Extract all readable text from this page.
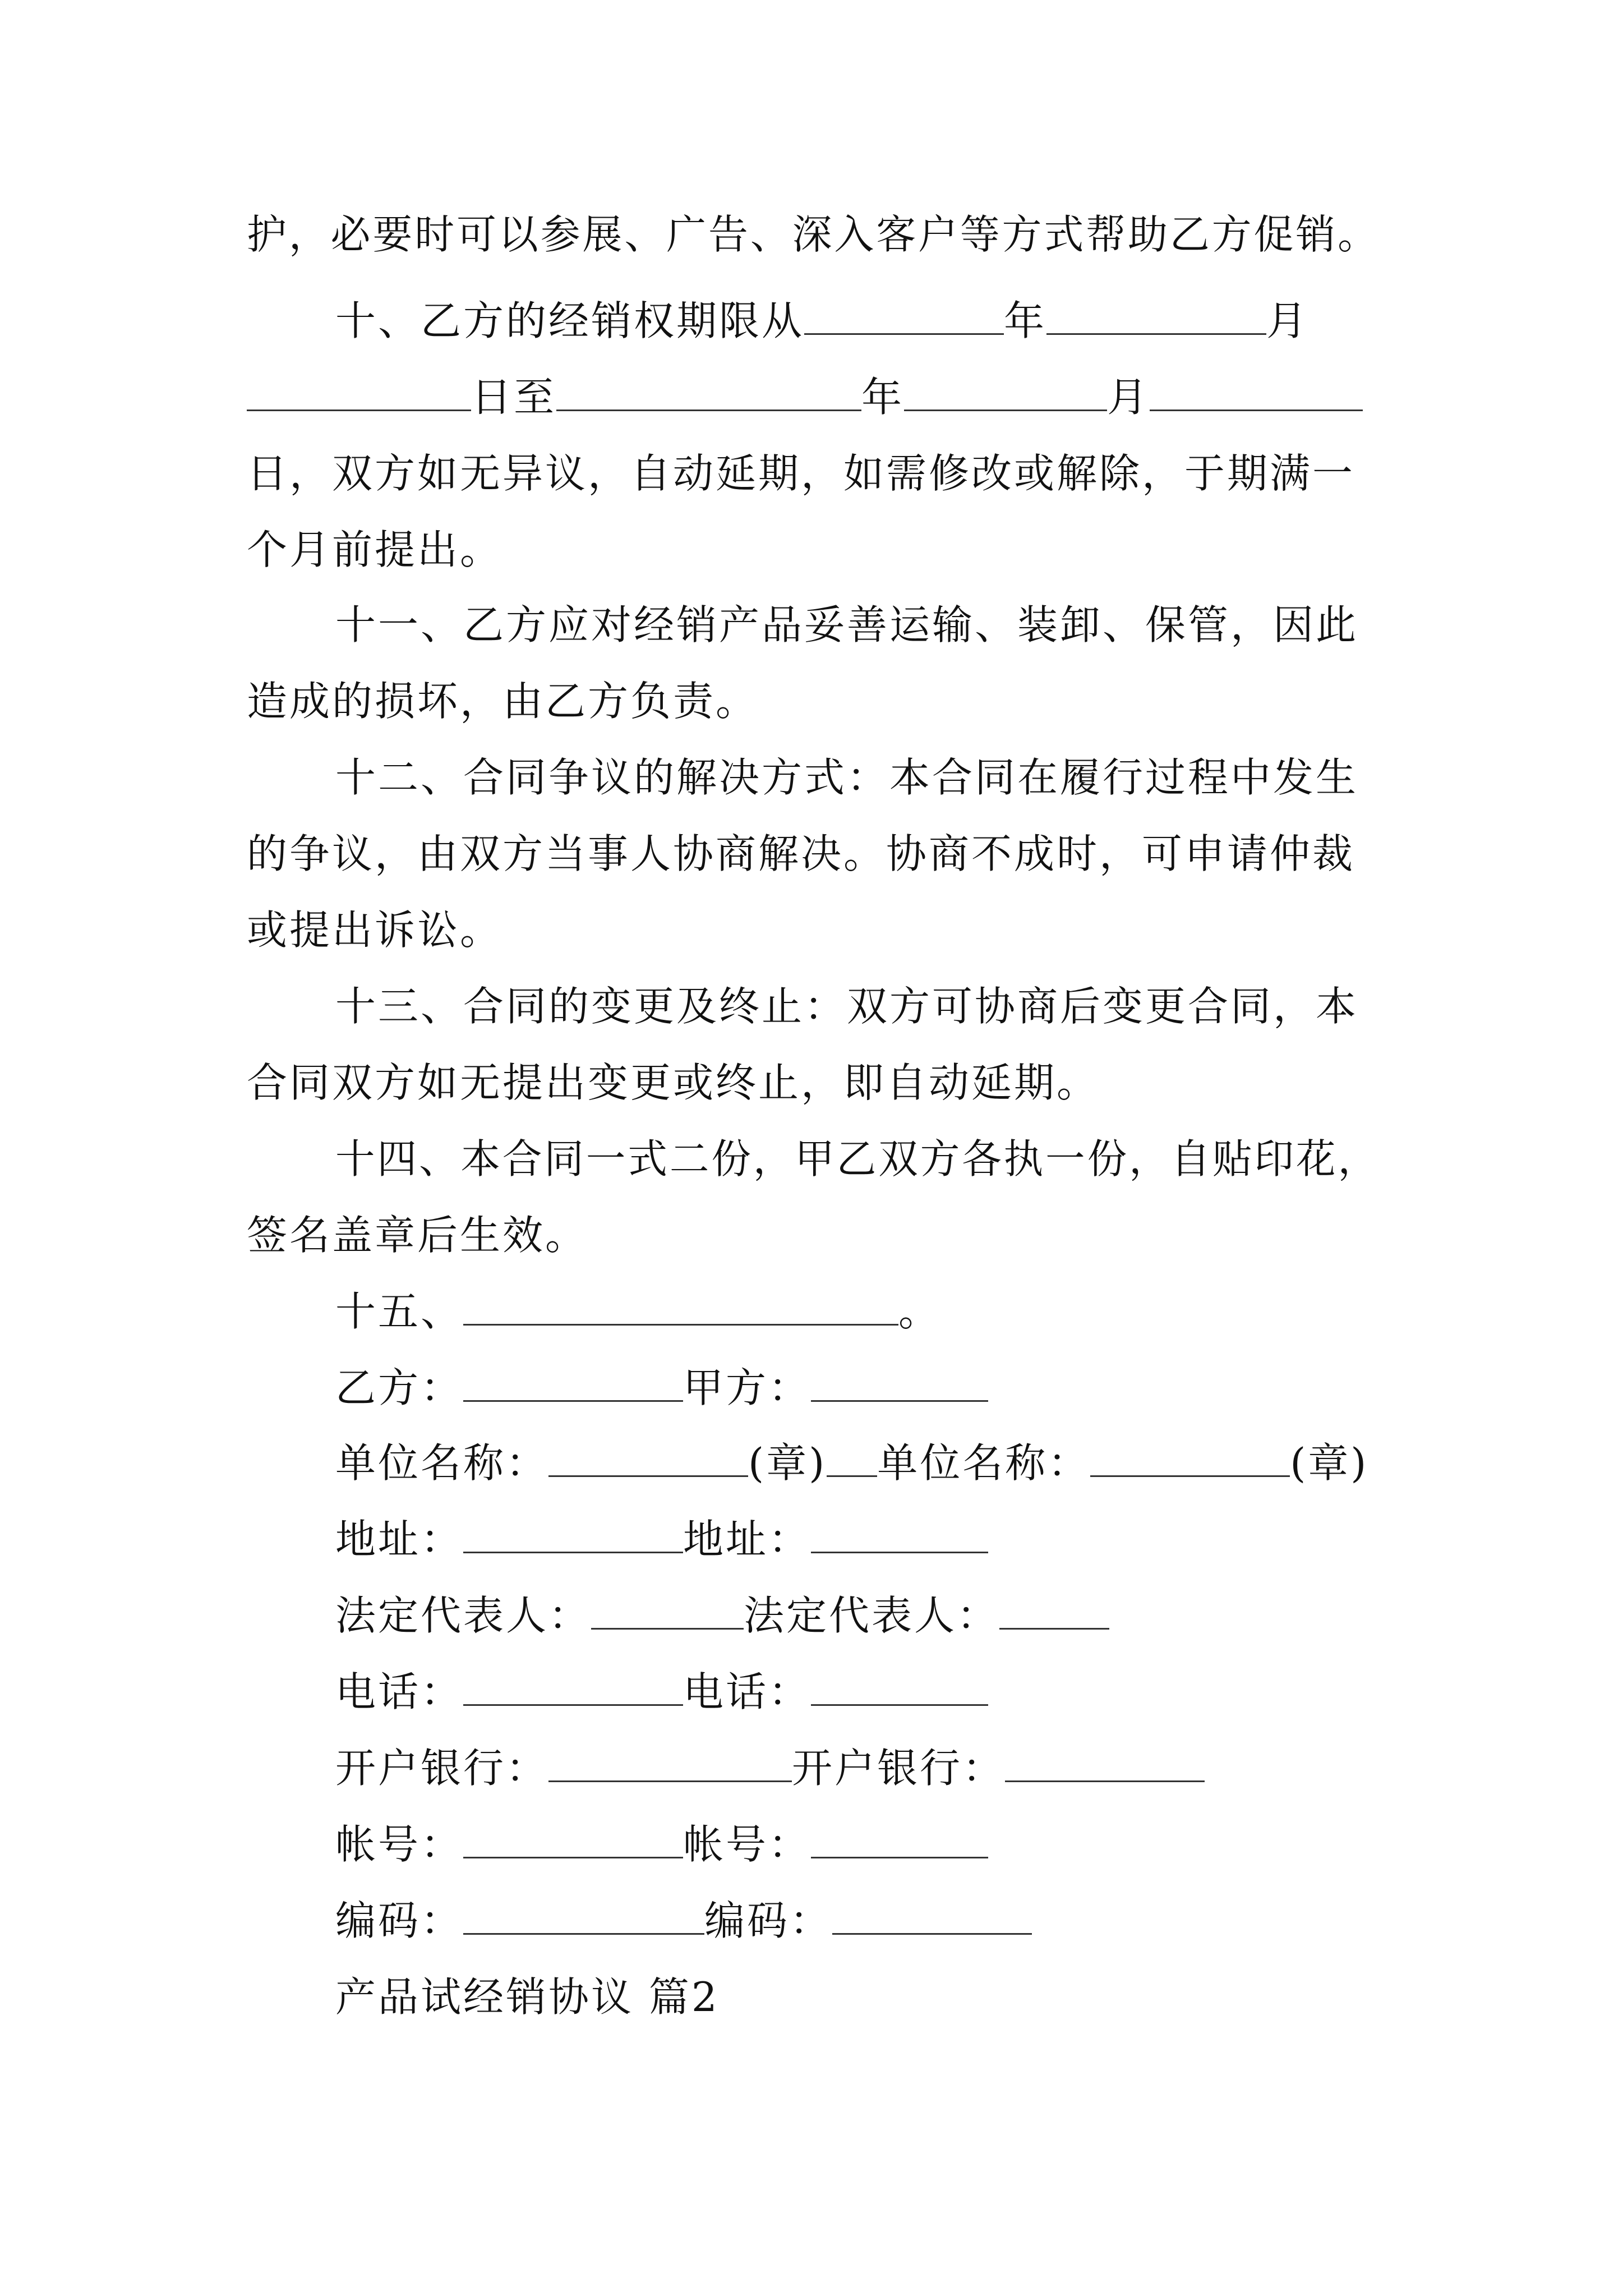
护，必要时可以参展、广告、深入客户等方式帮助乙方促销。
十、乙方的经销权期限从	年	月
日至	年	月
日，双方如无异议，自动延期，如需修改或解除，于期满一
个月前提出。
十一、乙方应对经销产品妥善运输、装卸、保管，因此
造成的损坏，由乙方负责。
十二、合同争议的解决方式：本合同在履行过程中发生
的争议，由双方当事人协商解决。协商不成时，可申请仲裁
或提出诉讼。
十三、合同的变更及终止：双方可协商后变更合同，本
合同双方如无提出变更或终止，即自动延期。
十四、本合同一式二份，甲乙双方各执一份，自贴印花，
签名盖章后生效。
十五、	。
乙方：	甲方：
单位名称：	(章) 单位名称：	(章)
地址：	地址：
法定代表人：	法定代表人：
电话：	电话：
开户银行：	开户银行：
帐号：	帐号：
编码：	编码：
产品试经销协议 篇2
